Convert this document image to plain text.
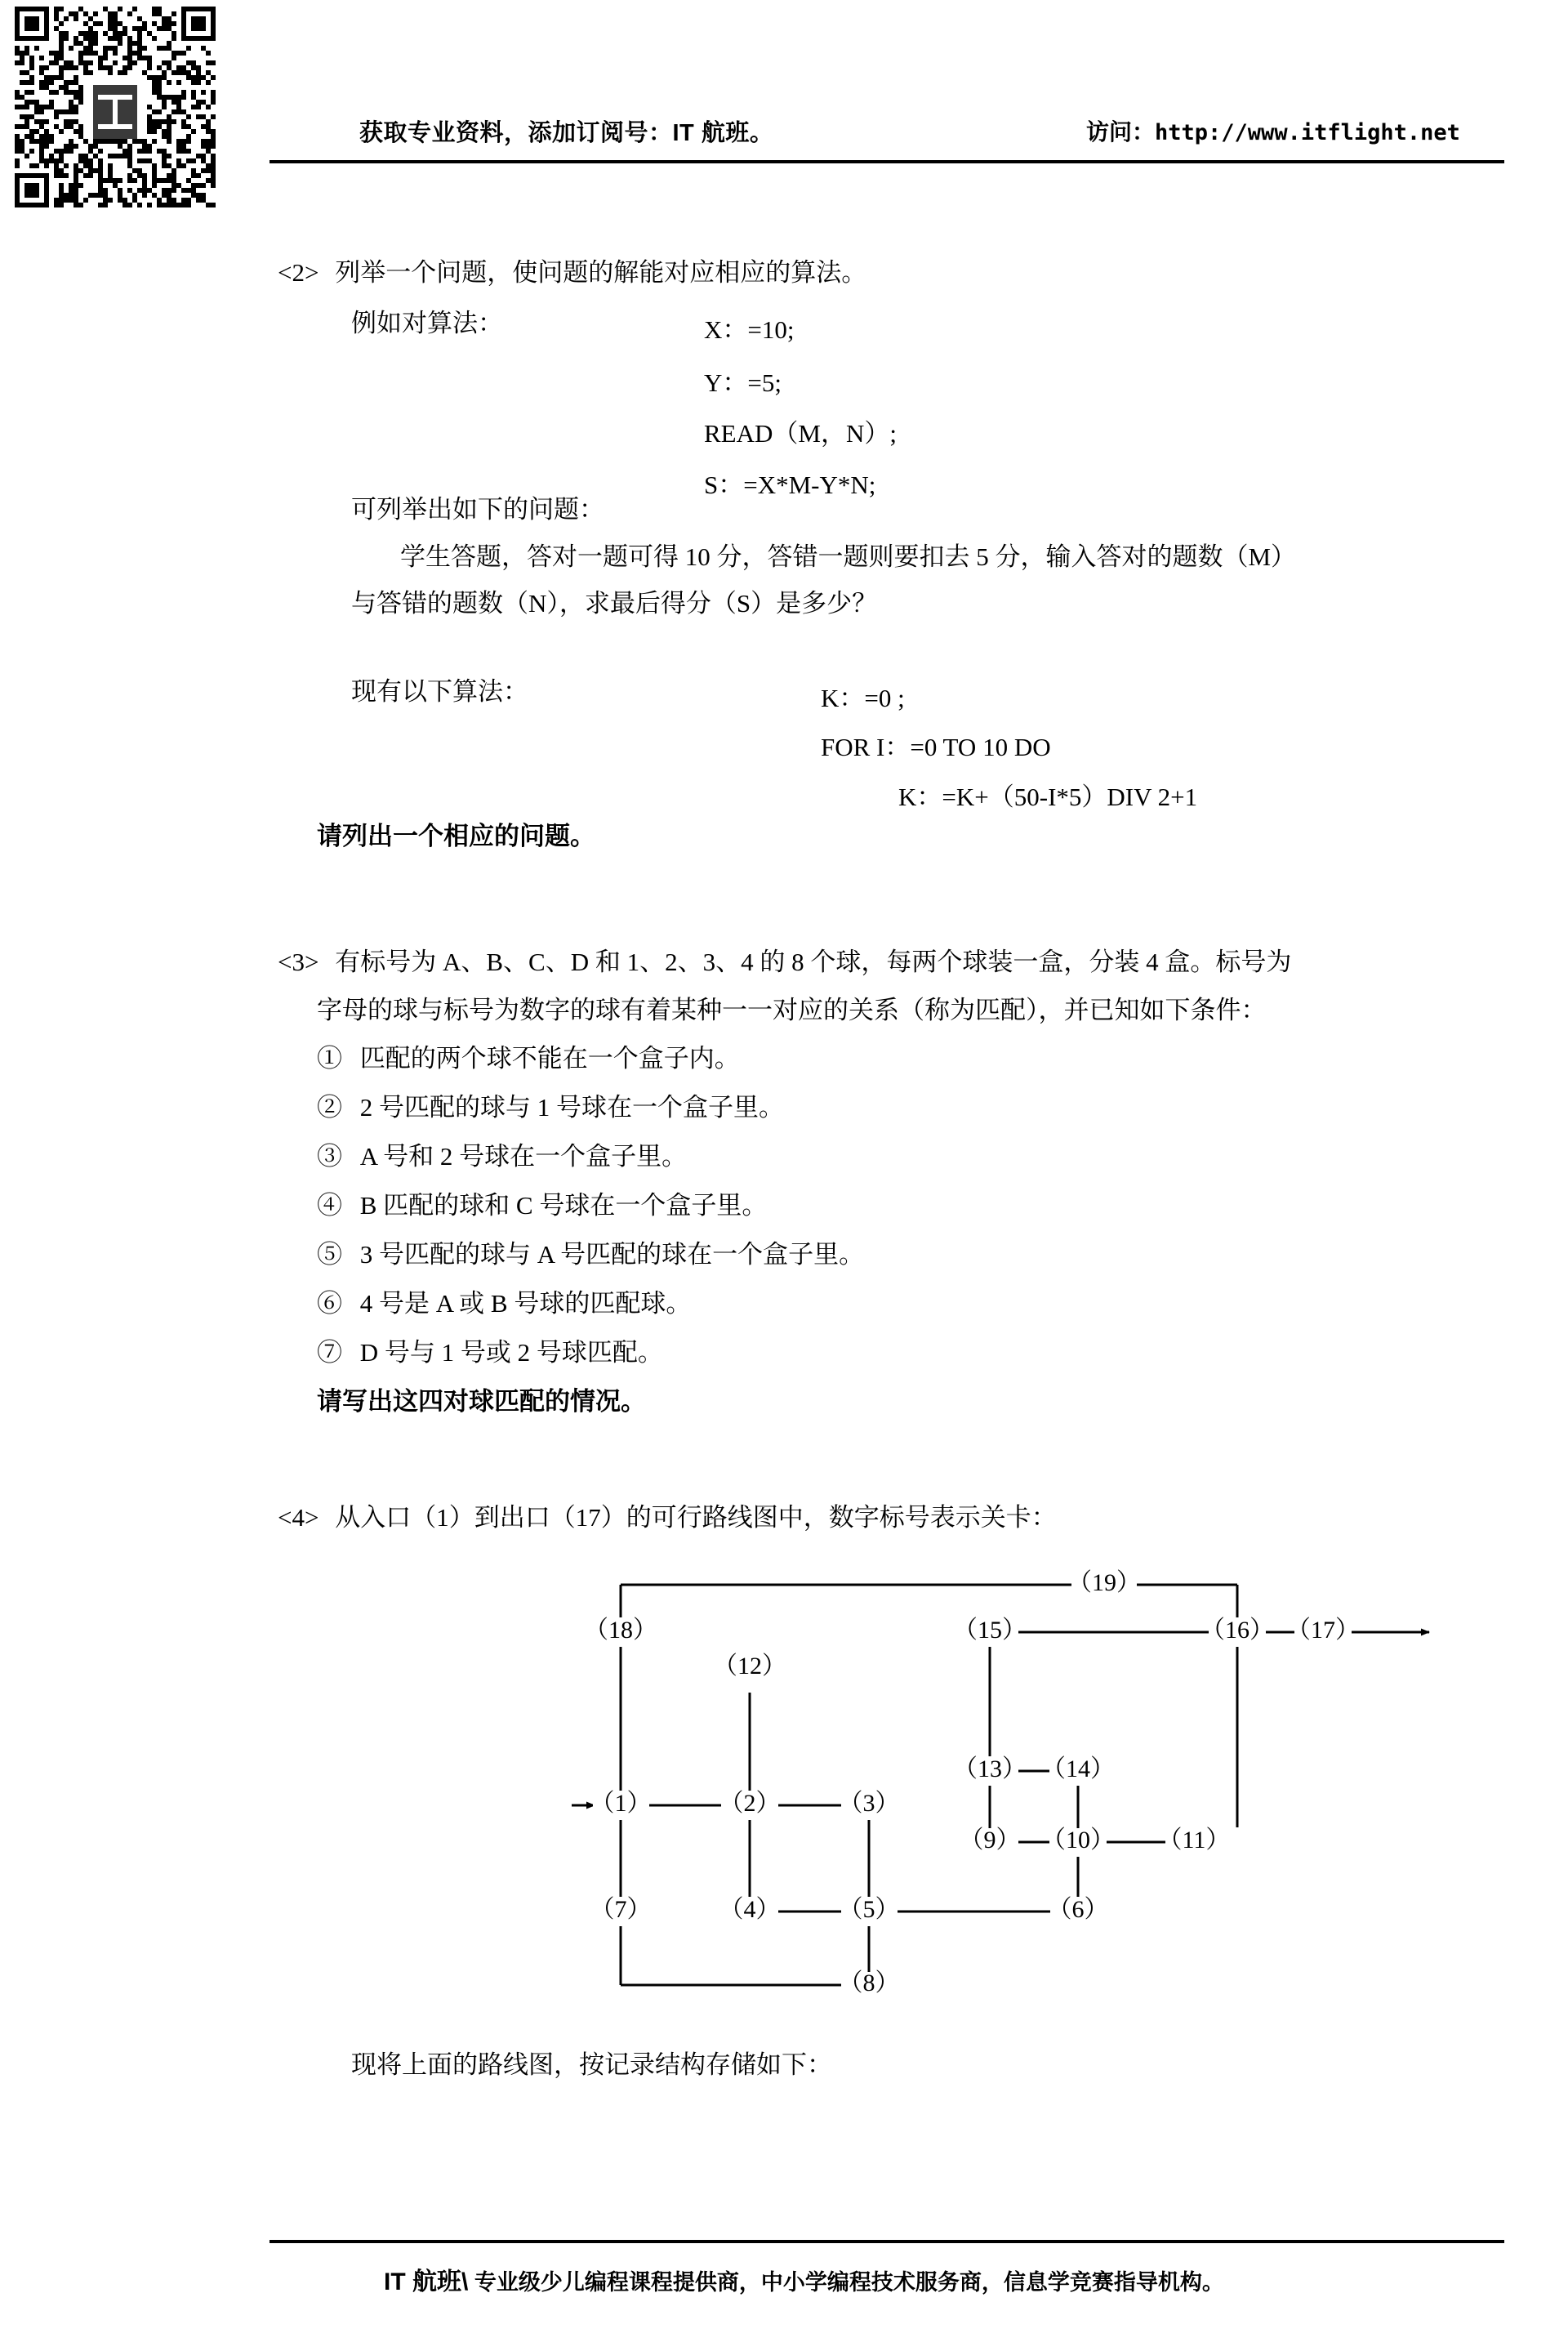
获取专业资料，添加订阅号：IT 航班。	访问：http://www.itflight.net
<2> 列举一个问题，使问题的解能对应相应的算法。
例如对算法：	X：=10;
Y：=5;
READ（M，N）;
S：=X*M-Y*N;
可列举出如下的问题：
学生答题，答对一题可得 10 分，答错一题则要扣去 5 分，输入答对的题数（M）
与答错的题数（N），求最后得分（S）是多少？
现有以下算法：	K：=0 ;
FOR I：=0 TO 10 DO
K：=K+（50-I*5）DIV 2+1
请列出一个相应的问题。
<3> 有标号为 A、B、C、D 和 1、2、3、4 的 8 个球，每两个球装一盒，分装 4 盒。标号为
字母的球与标号为数字的球有着某种一一对应的关系（称为匹配），并已知如下条件：
① 匹配的两个球不能在一个盒子内。
② 2 号匹配的球与 1 号球在一个盒子里。
③ A 号和 2 号球在一个盒子里。
④ B 匹配的球和 C 号球在一个盒子里。
⑤ 3 号匹配的球与 A 号匹配的球在一个盒子里。
⑥ 4 号是 A 或 B 号球的匹配球。
⑦ D 号与 1 号或 2 号球匹配。
请写出这四对球匹配的情况。
<4> 从入口（1）到出口（17）的可行路线图中，数字标号表示关卡：
（1）	（2） （3）
（4） （5）	（6）
（7）
（8）
（9） （10） （11）
（12）
（13） （14）
（15）	（16） （17）
（18）
（19）
现将上面的路线图，按记录结构存储如下：
IT 航班\ 专业级少儿编程课程提供商，中小学编程技术服务商，信息学竞赛指导机构。
